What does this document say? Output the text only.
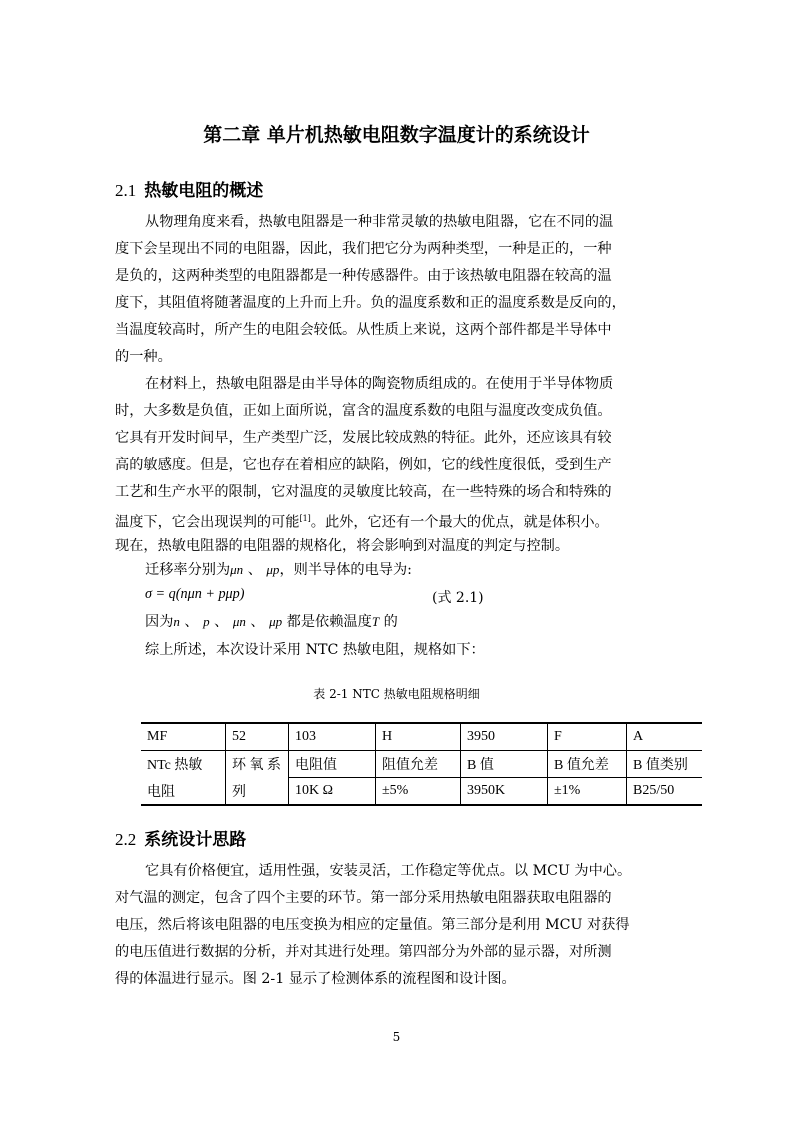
第二章 单片机热敏电阻数字温度计的系统设计
2.1 热敏电阻的概述
从物理角度来看，热敏电阻器是一种非常灵敏的热敏电阻器，它在不同的温
度下会呈现出不同的电阻器，因此，我们把它分为两种类型，一种是正的，一种
是负的，这两种类型的电阻器都是一种传感器件。由于该热敏电阻器在较高的温
度下，其阻值将随著温度的上升而上升。负的温度系数和正的温度系数是反向的，
当温度较高时，所产生的电阻会较低。从性质上来说，这两个部件都是半导体中
的一种。
在材料上，热敏电阻器是由半导体的陶瓷物质组成的。在使用于半导体物质
时，大多数是负值，正如上面所说，富含的温度系数的电阻与温度改变成负值。
它具有开发时间早，生产类型广泛，发展比较成熟的特征。此外，还应该具有较
高的敏感度。但是，它也存在着相应的缺陷，例如，它的线性度很低，受到生产
工艺和生产水平的限制，它对温度的灵敏度比较高，在一些特殊的场合和特殊的
温度下，它会出现误判的可能[1]。此外，它还有一个最大的优点，就是体积小。
现在，热敏电阻器的电阻器的规格化，将会影响到对温度的判定与控制。
迁移率分别为μn 、 μp，则半导体的电导为:
σ = q(nμn + pμp)	(式 2.1)
因为n 、 p 、 μn 、 μp 都是依赖温度T 的
综上所述，本次设计采用 NTC 热敏电阻，规格如下：
表 2-1 NTC 热敏电阻规格明细
MF	52	103	H	3950	F	A
NTc 热敏	环 氧 系	电阻值	阻值允差	B 值	B 值允差	B 值类别
电阻	列	10K Ω	±5%	3950K	±1%	B25/50
2.2 系统设计思路
它具有价格便宜，适用性强，安装灵活，工作稳定等优点。以 MCU 为中心。
对气温的测定，包含了四个主要的环节。第一部分采用热敏电阻器获取电阻器的
电压，然后将该电阻器的电压变换为相应的定量值。第三部分是利用 MCU 对获得
的电压值进行数据的分析，并对其进行处理。第四部分为外部的显示器，对所测
得的体温进行显示。图 2-1 显示了检测体系的流程图和设计图。
5
